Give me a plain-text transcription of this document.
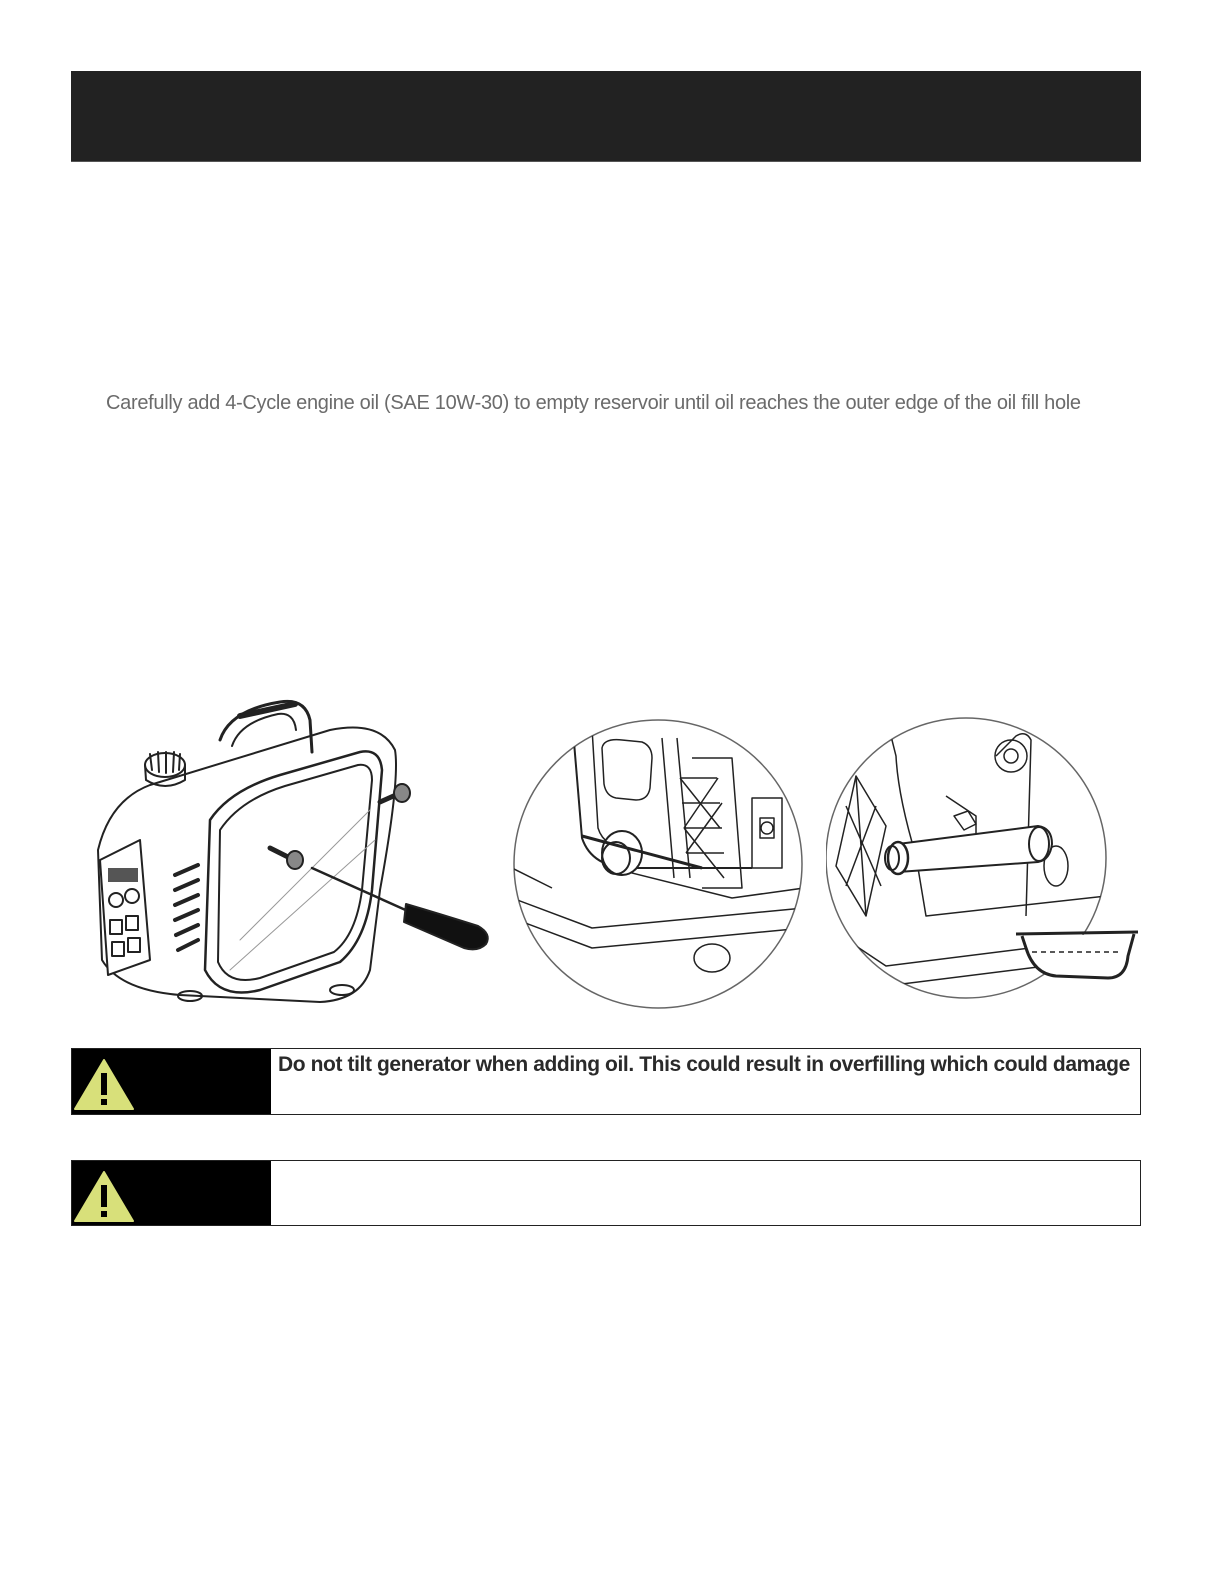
Carefully add 4-Cycle engine oil (SAE 10W-30) to empty reservoir until oil reaches the outer edge of the oil fill hole
Do not tilt generator when adding oil. This could result in overfilling which could damage
